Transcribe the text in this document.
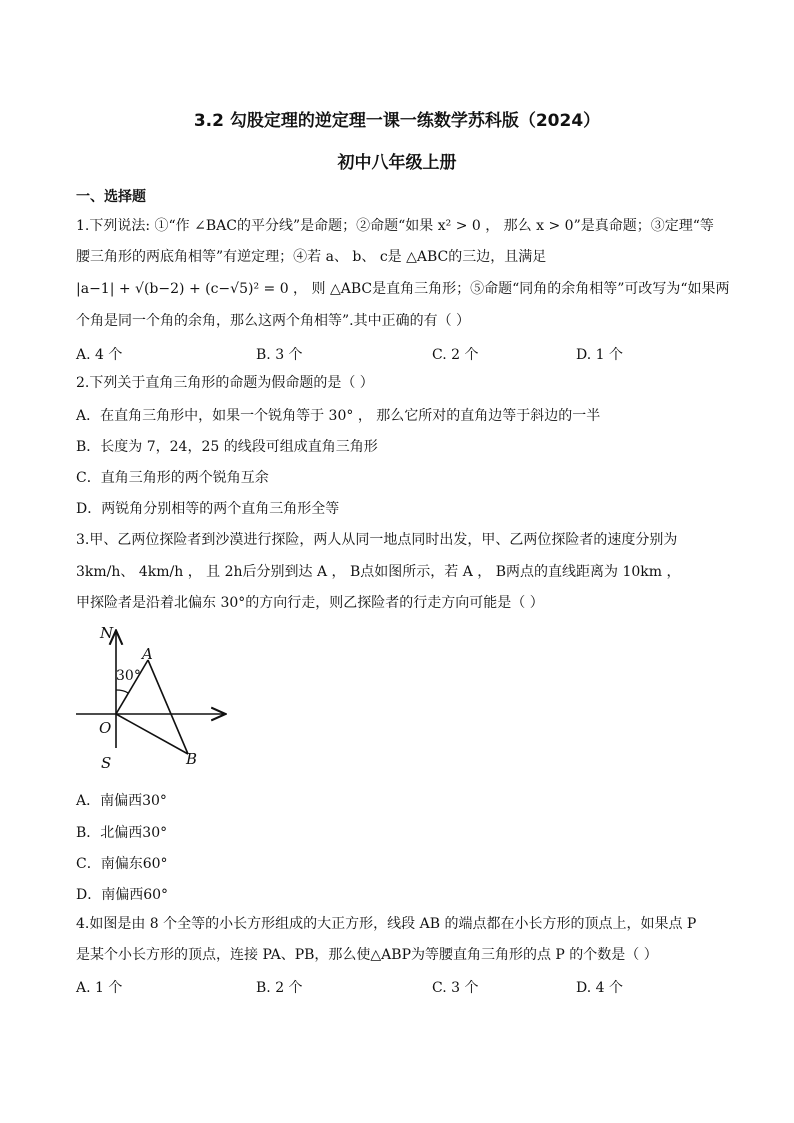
3.2 勾股定理的逆定理一课一练数学苏科版（2024）
初中八年级上册
一、选择题
1.下列说法: ①“作 ∠BAC的平分线”是命题；②命题“如果 x² > 0 ， 那么 x > 0”是真命题；③定理“等
腰三角形的两底角相等”有逆定理；④若 a、 b、 c是 △ABC的三边，且满足
|a−1| + √(b−2) + (c−√5)² = 0 ， 则 △ABC是直角三角形；⑤命题“同角的余角相等”可改写为“如果两
个角是同一个角的余角，那么这两个角相等”.其中正确的有（ ）
A. 4 个	B. 3 个	C. 2 个	D. 1 个
2.下列关于直角三角形的命题为假命题的是（ ）
A．在直角三角形中，如果一个锐角等于 30° ， 那么它所对的直角边等于斜边的一半
B．长度为 7，24，25 的线段可组成直角三角形
C．直角三角形的两个锐角互余
D．两锐角分别相等的两个直角三角形全等
3.甲、乙两位探险者到沙漠进行探险，两人从同一地点同时出发，甲、乙两位探险者的速度分别为
3km/h、 4km/h ， 且 2h后分别到达 A ， B点如图所示，若 A ， B两点的直线距离为 10km ，
甲探险者是沿着北偏东 30°的方向行走，则乙探险者的行走方向可能是（ ）
N
S
O
A
B
30°
A．南偏西30°
B．北偏西30°
C．南偏东60°
D．南偏西60°
4.如图是由 8 个全等的小长方形组成的大正方形，线段 AB 的端点都在小长方形的顶点上，如果点 P
是某个小长方形的顶点，连接 PA、PB，那么使△ABP为等腰直角三角形的点 P 的个数是（ ）
A. 1 个	B. 2 个	C. 3 个	D. 4 个
